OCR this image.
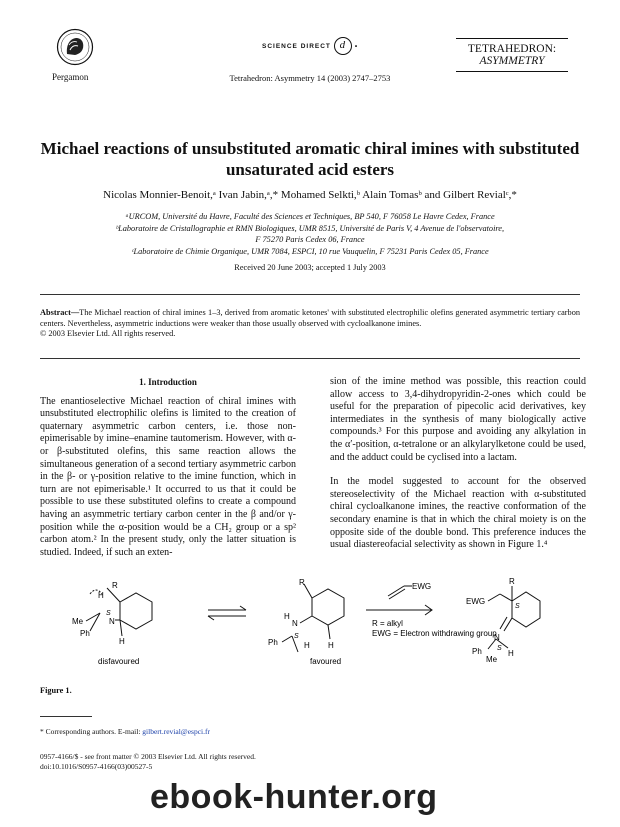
Pergamon
SCIENCE DIRECT d	•
Tetrahedron: Asymmetry 14 (2003) 2747–2753
TETRAHEDRON:
ASYMMETRY
Michael reactions of unsubstituted aromatic chiral imines with substituted unsaturated acid esters
Nicolas Monnier-Benoit,ᵃ Ivan Jabin,ᵃ,* Mohamed Selkti,ᵇ Alain Tomasᵇ and Gilbert Revialᶜ,*
ᵃURCOM, Université du Havre, Faculté des Sciences et Techniques, BP 540, F 76058 Le Havre Cedex, France
ᵇLaboratoire de Cristallographie et RMN Biologiques, UMR 8515, Université de Paris V, 4 Avenue de l'observatoire,
F 75270 Paris Cedex 06, France
ᶜLaboratoire de Chimie Organique, UMR 7084, ESPCI, 10 rue Vauquelin, F 75231 Paris Cedex 05, France
Received 20 June 2003; accepted 1 July 2003
Abstract—The Michael reaction of chiral imines 1–3, derived from aromatic ketones' with substituted electrophilic olefins generated asymmetric tertiary carbon centers. Nevertheless, asymmetric inductions were weaker than those usually observed with cycloalkanone imines.
© 2003 Elsevier Ltd. All rights reserved.
1. Introduction

The enantioselective Michael reaction of chiral imines with unsubstituted electrophilic olefins is limited to the creation of quaternary asymmetric carbon centers, i.e. those non-epimerisable by imine–enamine tautomerism. However, with α- or β-substituted olefins, this same reaction allows the simultaneous generation of a second tertiary asymmetric carbon in the β- or γ-position relative to the imine function, which in turn are not epimerisable.¹ It occurred to us that it could be possible to use these substituted olefins to create a compound having an asymmetric tertiary carbon center in the β and/or γ-position while the α-position would be a CH₂ group or a sp² carbon atom.² In the present study, only the latter situation is studied. Indeed, if such an exten-

sion of the imine method was possible, this reaction could allow access to 3,4-dihydropyridin-2-ones which could be useful for the preparation of pipecolic acid derivatives, key intermediates in the synthesis of many biologically active compounds.³ For this purpose and avoiding any alkylation in the α′-position, α-tetralone or an alkylarylketone could be used, and the adduct could be cyclised into a lactam.

In the model suggested to account for the observed stereoselectivity of the Michael reaction with α-substituted chiral cycloalkanone imines, the reactive conformation of the secondary enamine is that in which the chiral moiety is on the opposite side of the double bond. This preference induces the usual diastereofacial selectivity as shown in Figure 1.⁴

R
H
S
N
Me
Ph
H
disfavoured
R
N
H
S
Ph	H H
favoured
EWG
R = alkyl
EWG = Electron withdrawing group
EWG
R
S
N
S
Ph	H
Me
Figure 1.
* Corresponding authors. E-mail: gilbert.revial@espci.fr
0957-4166/$ - see front matter © 2003 Elsevier Ltd. All rights reserved.
doi:10.1016/S0957-4166(03)00527-5
ebook-hunter.org
